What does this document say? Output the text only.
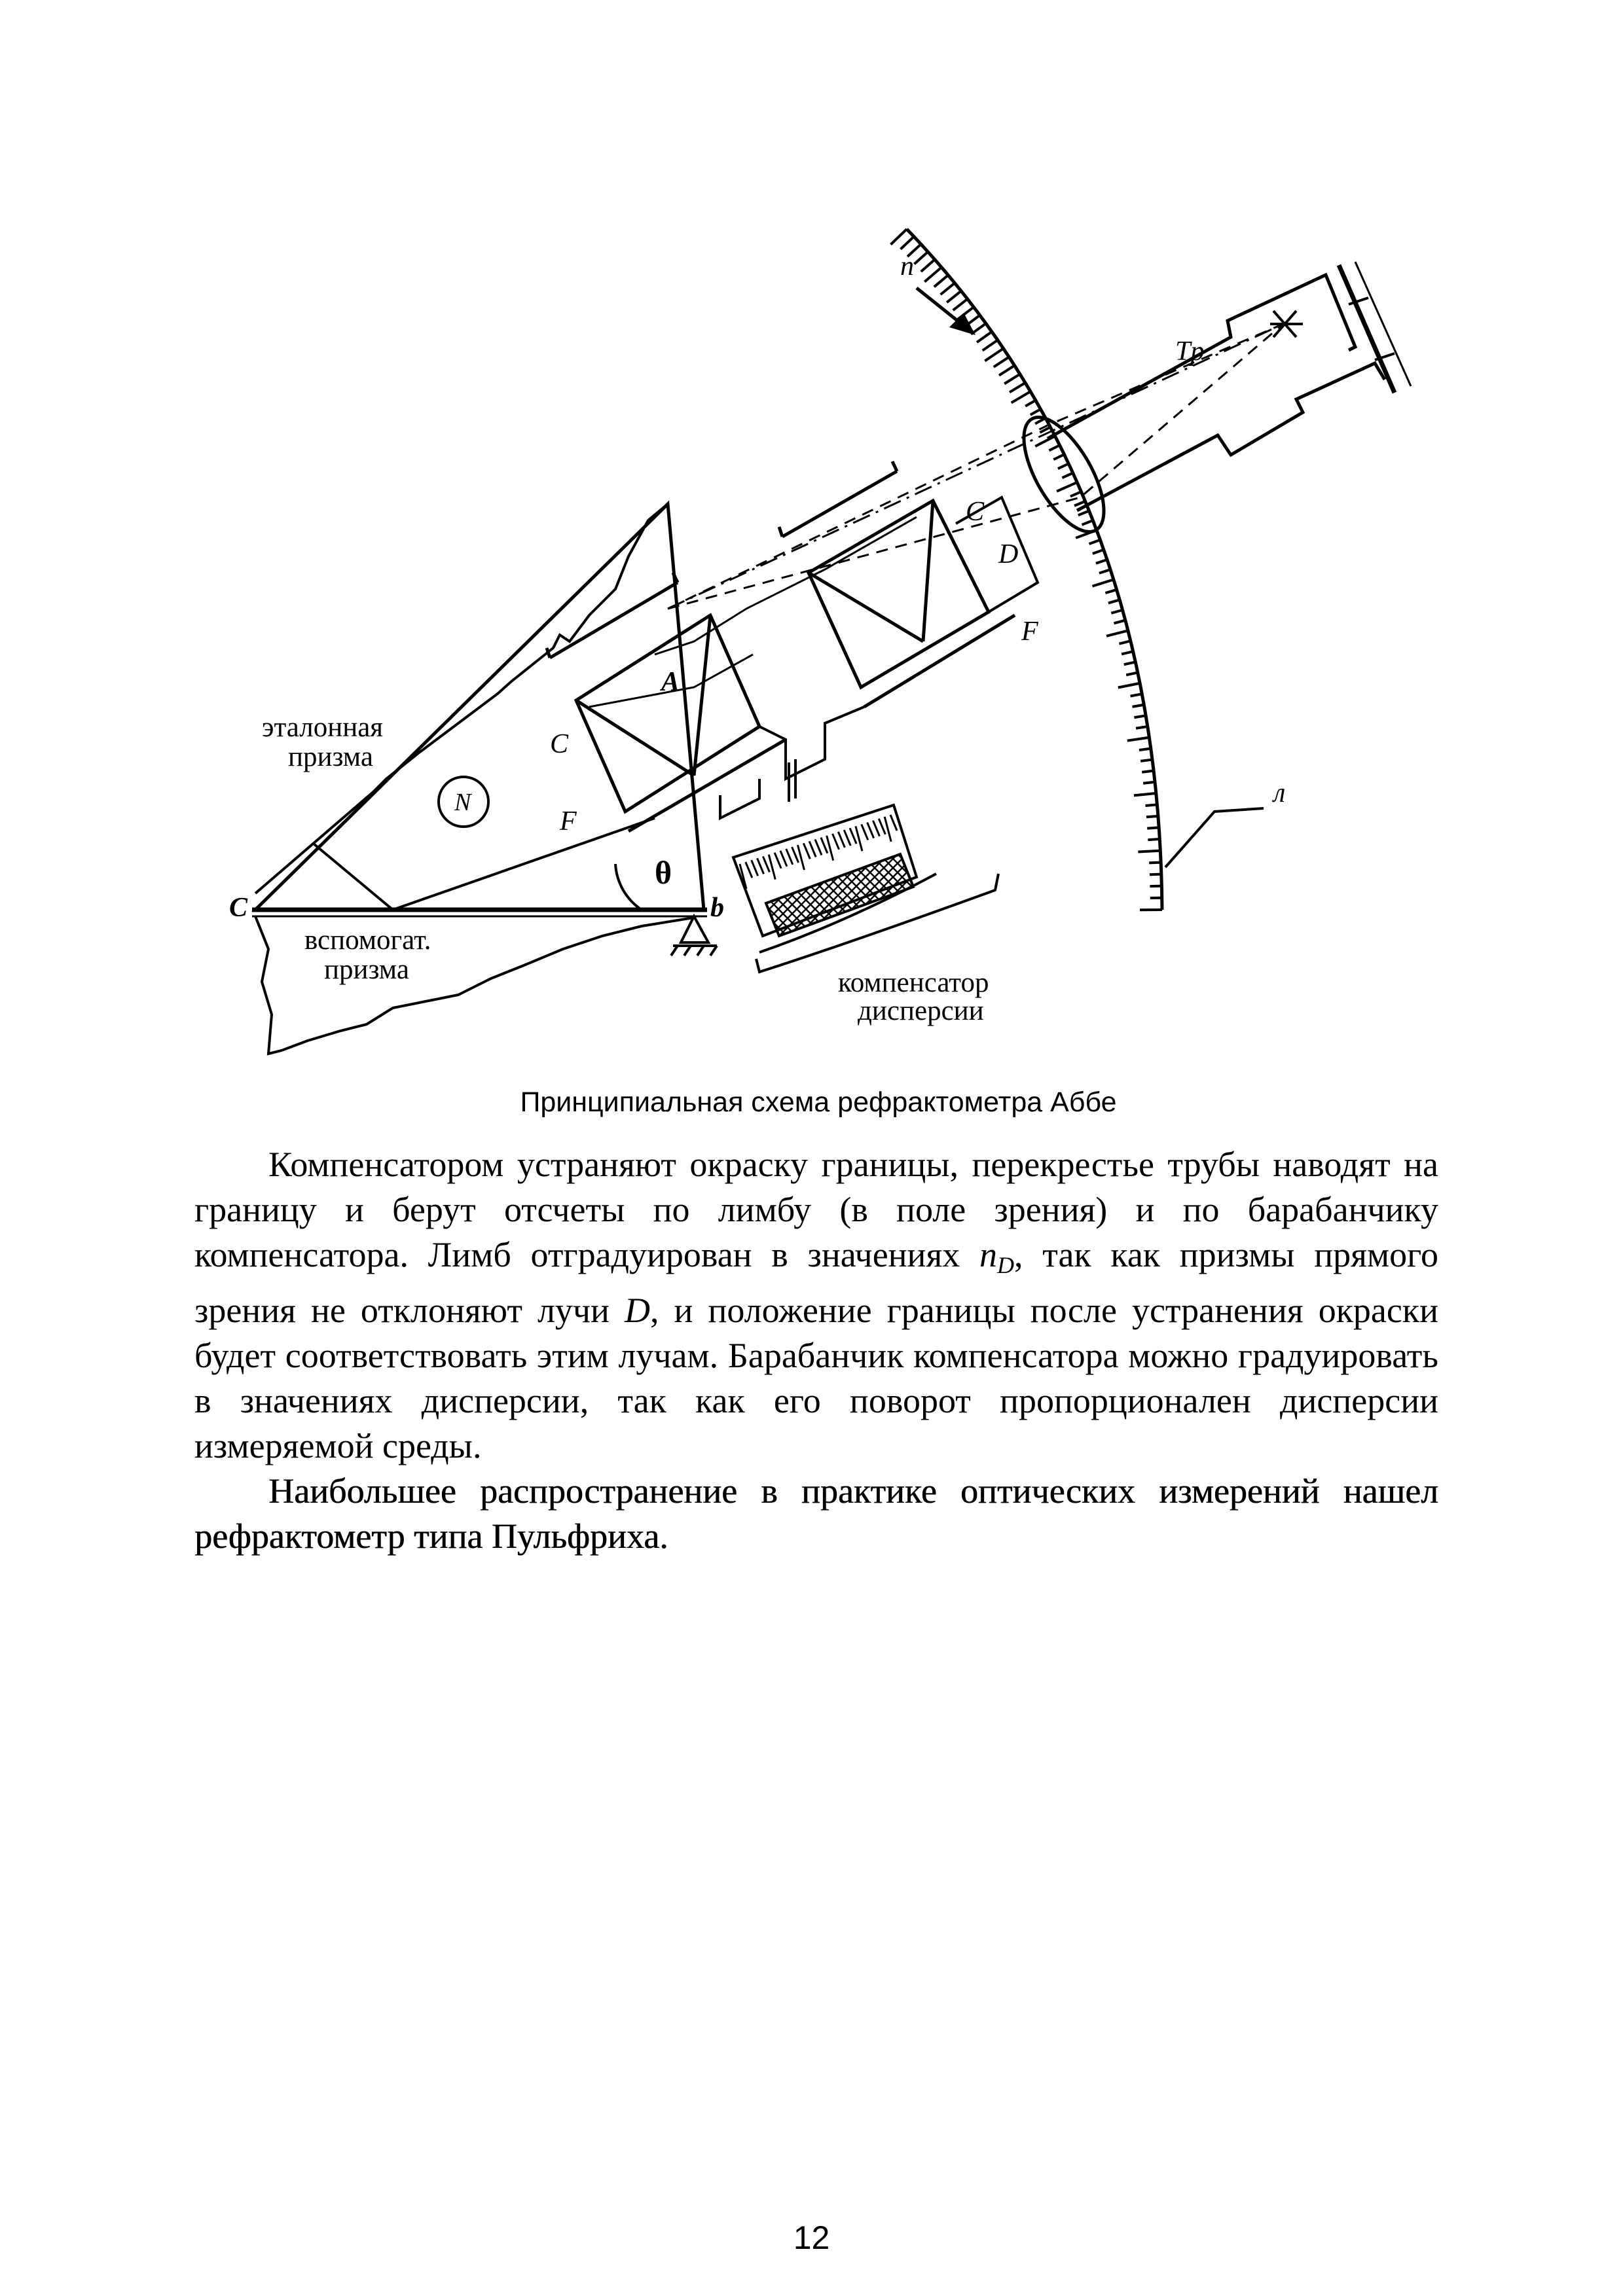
n
Tp
л
A
C	b
N
θ
C
F
C
D
F
эталонная
призма
вспомогат.
призма	компенсатор
дисперсии
Принципиальная схема рефрактометра Аббе

Компенсатором устраняют окраску границы, перекрестье трубы наводят на границу и берут отсчеты по лимбу (в поле зрения) и по барабанчику компенсатора. Лимб отградуирован в значениях $n_D$, так как призмы прямого зрения не отклоняют лучи D, и положение границы после устранения окраски будет соответствовать этим лучам. Барабанчик компенсатора можно градуировать в значениях дисперсии, так как его поворот пропорционален дисперсии измеряемой среды.

Наибольшее распространение в практике оптических измерений нашел рефрактометр типа Пульфриха.

12
